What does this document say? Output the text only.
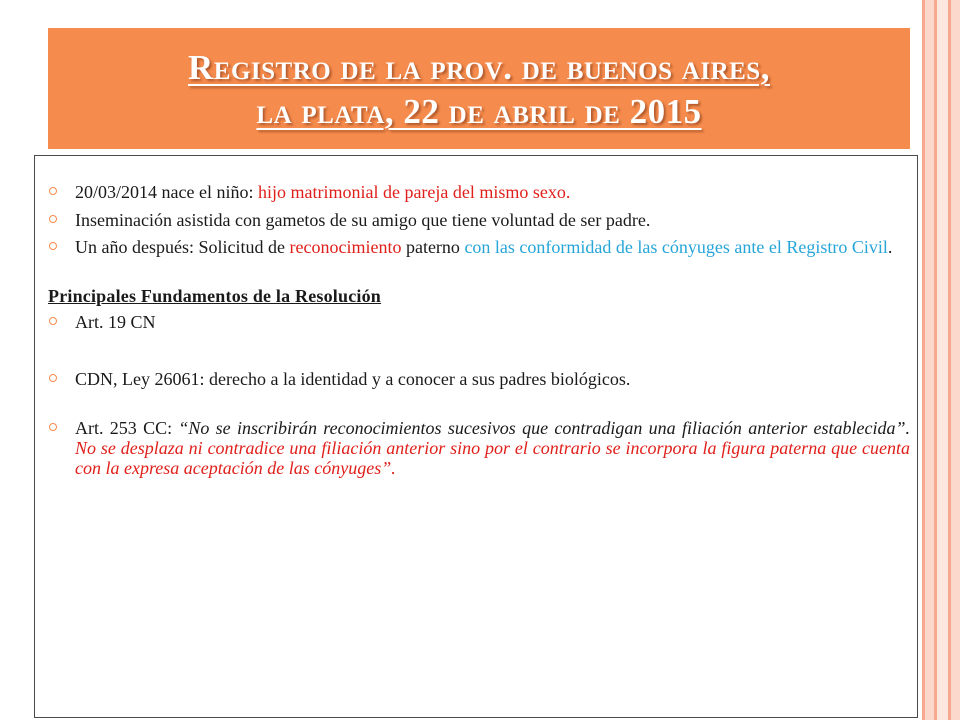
Registro de la prov. de buenos aires,
la plata, 22 de abril de 2015
20/03/2014 nace el niño: hijo matrimonial de pareja del mismo sexo.
Inseminación asistida con gametos de su amigo que tiene voluntad de ser padre.
Un año después: Solicitud de reconocimiento paterno con las conformidad de las cónyuges ante el Registro Civil.
Principales Fundamentos de la Resolución
Art. 19 CN
CDN, Ley 26061: derecho a la identidad y a conocer a sus padres biológicos.
Art. 253 CC: “No se inscribirán reconocimientos sucesivos que contradigan una filiación anterior establecida”. No se desplaza ni contradice una filiación anterior sino por el contrario se incorpora la figura paterna que cuenta con la expresa aceptación de las cónyuges”.
